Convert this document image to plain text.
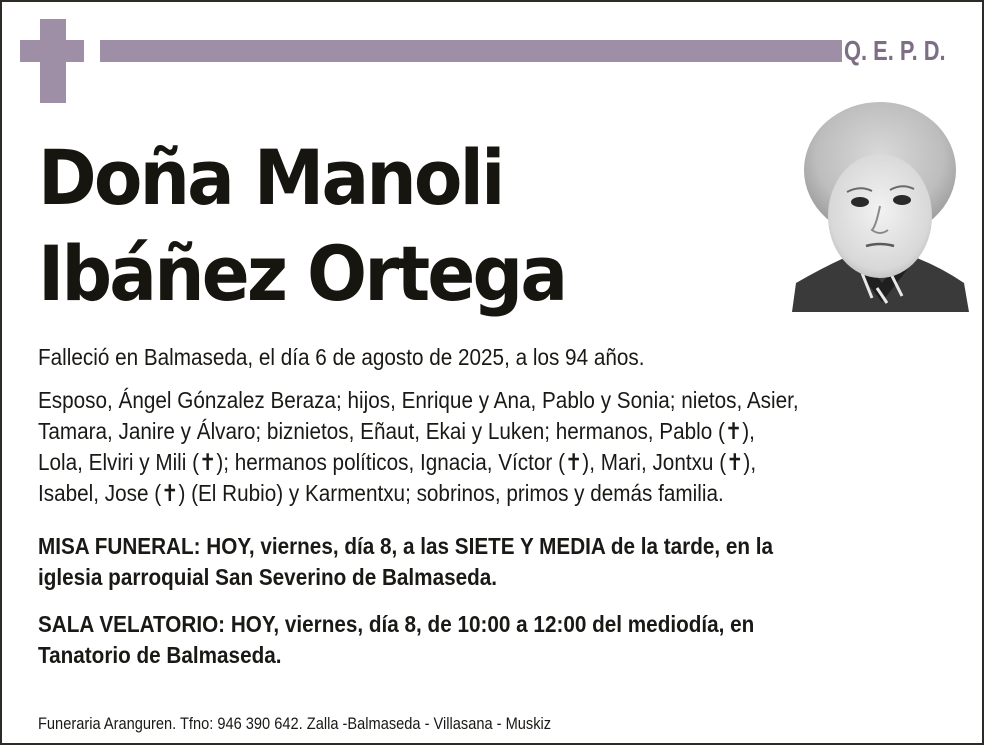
Q. E. P. D.
Doña Manoli
Ibáñez Ortega
Falleció en Balmaseda, el día 6 de agosto de 2025, a los 94 años.
Esposo, Ángel Gónzalez Beraza; hijos, Enrique y Ana, Pablo y Sonia; nietos, Asier,
Tamara, Janire y Álvaro; biznietos, Eñaut, Ekai y Luken; hermanos, Pablo (✝),
Lola, Elviri y Mili (✝); hermanos políticos, Ignacia, Víctor (✝), Mari, Jontxu (✝),
Isabel, Jose (✝) (El Rubio) y Karmentxu; sobrinos, primos y demás familia.
MISA FUNERAL: HOY, viernes, día 8, a las SIETE Y MEDIA de la tarde, en la
iglesia parroquial San Severino de Balmaseda.
SALA VELATORIO: HOY, viernes, día 8, de 10:00 a 12:00 del mediodía, en
Tanatorio de Balmaseda.
Funeraria Aranguren. Tfno: 946 390 642. Zalla -Balmaseda - Villasana - Muskiz
